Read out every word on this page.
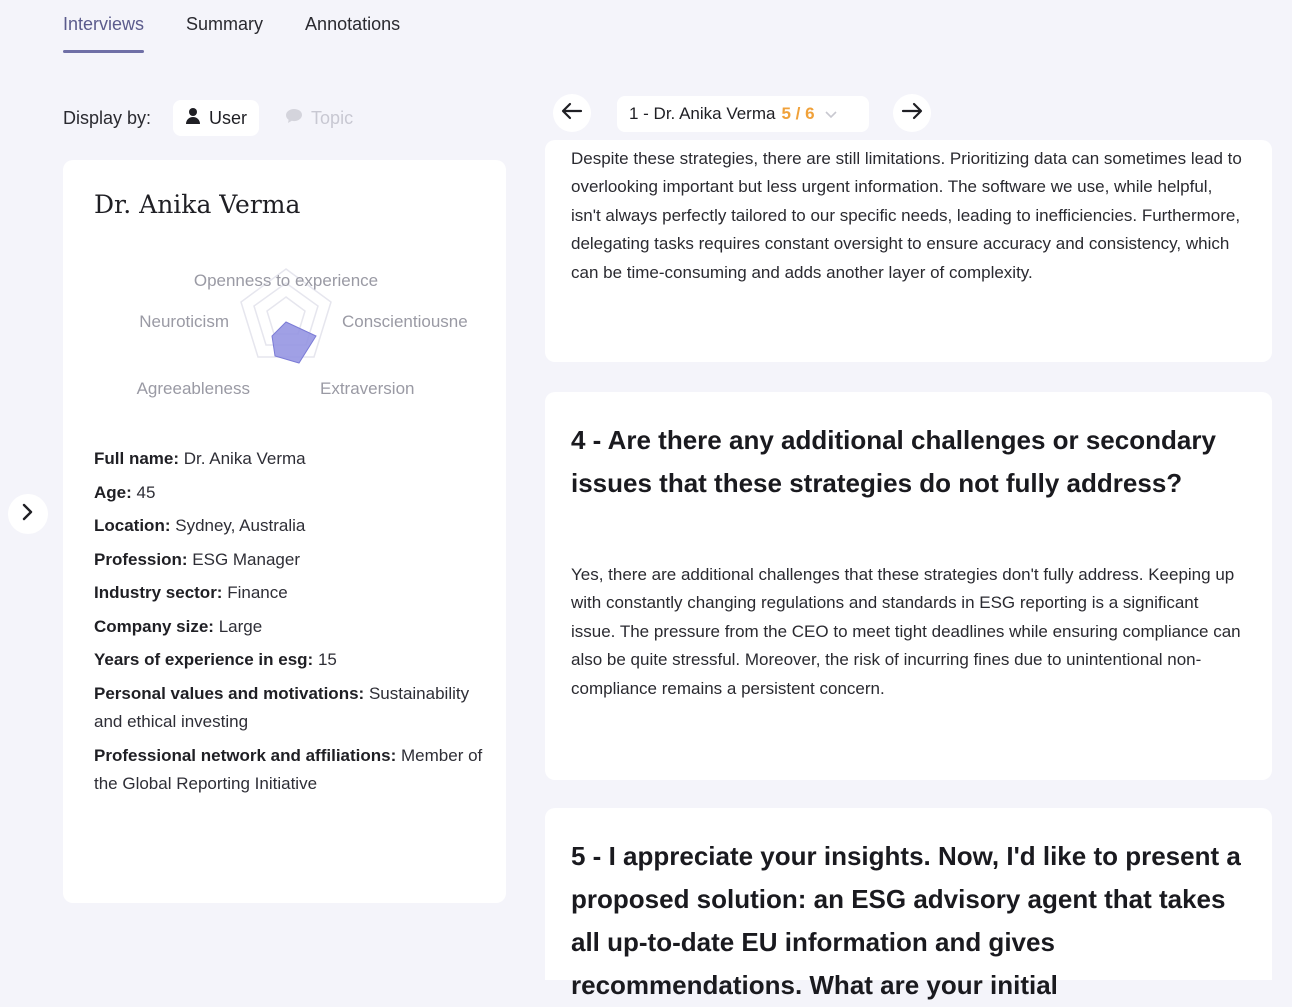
Interviews Summary Annotations
Display by:	User	Topic	1 - Dr. Anika Verma 5 / 6
Dr. Anika Verma
Openness to experience
Conscientiousne
Extraversion
Agreeableness
Neuroticism
Full name: Dr. Anika Verma
Age: 45
Location: Sydney, Australia
Profession: ESG Manager
Industry sector: Finance
Company size: Large
Years of experience in esg: 15
Personal values and motivations: Sustainability and ethical investing
Professional network and affiliations: Member of the Global Reporting Initiative
Despite these strategies, there are still limitations. Prioritizing data can sometimes lead to overlooking important but less urgent information. The software we use, while helpful, isn't always perfectly tailored to our specific needs, leading to inefficiencies. Furthermore, delegating tasks requires constant oversight to ensure accuracy and consistency, which can be time-consuming and adds another layer of complexity.
4 - Are there any additional challenges or secondary issues that these strategies do not fully address?
Yes, there are additional challenges that these strategies don't fully address. Keeping up with constantly changing regulations and standards in ESG reporting is a significant issue. The pressure from the CEO to meet tight deadlines while ensuring compliance can also be quite stressful. Moreover, the risk of incurring fines due to unintentional non-compliance remains a persistent concern.
5 - I appreciate your insights. Now, I'd like to present a proposed solution: an ESG advisory agent that takes all up-to-date EU information and gives recommendations. What are your initial
